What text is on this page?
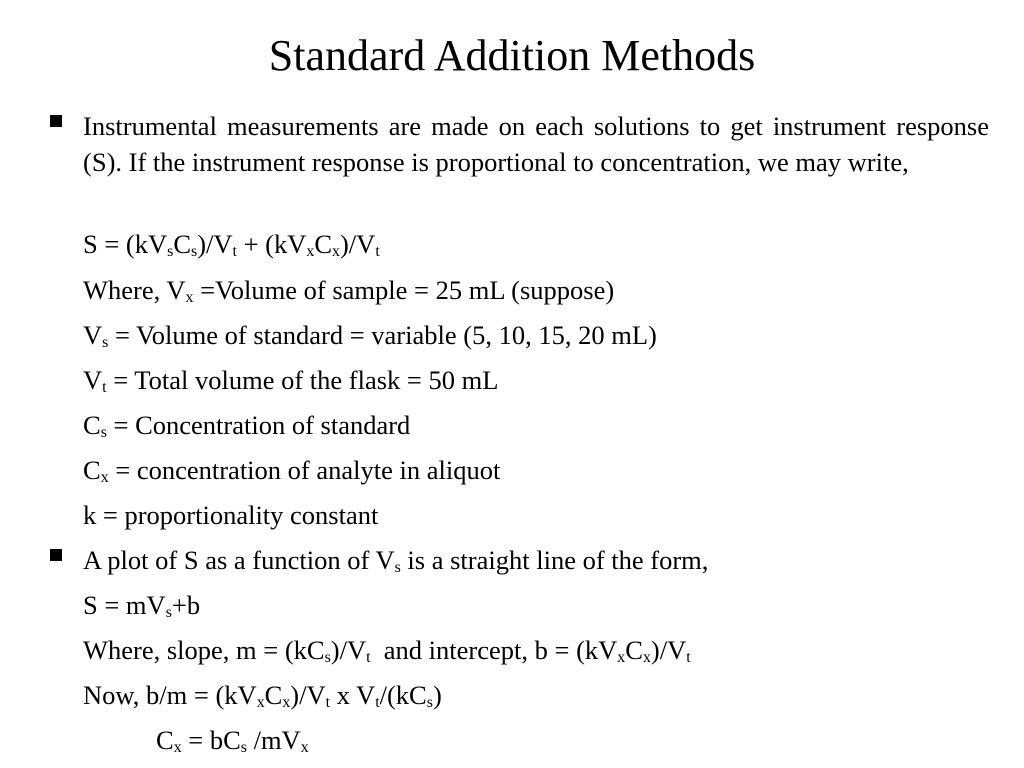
Standard Addition Methods
Instrumental measurements are made on each solutions to get instrument response (S). If the instrument response is proportional to concentration, we may write,
$S = (kV_sC_s)/V_t + (kV_xC_x)/V_t$
Where, $V_x$ =Volume of sample = 25 mL (suppose)
$V_s$ = Volume of standard = variable (5, 10, 15, 20 mL)
$V_t$ = Total volume of the flask = 50 mL
$C_s$ = Concentration of standard
$C_x$ = concentration of analyte in aliquot
k = proportionality constant
A plot of S as a function of $V_s$ is a straight line of the form,
$S = mV_s+b$
Where, slope, $m = (kC_s)/V_t$  and intercept, $b = (kV_xC_x)/V_t$
Now, $b/m = (kV_xC_x)/V_t$ x $V_t/(kC_s)$
$C_x = bC_s$ $/mV_x$
